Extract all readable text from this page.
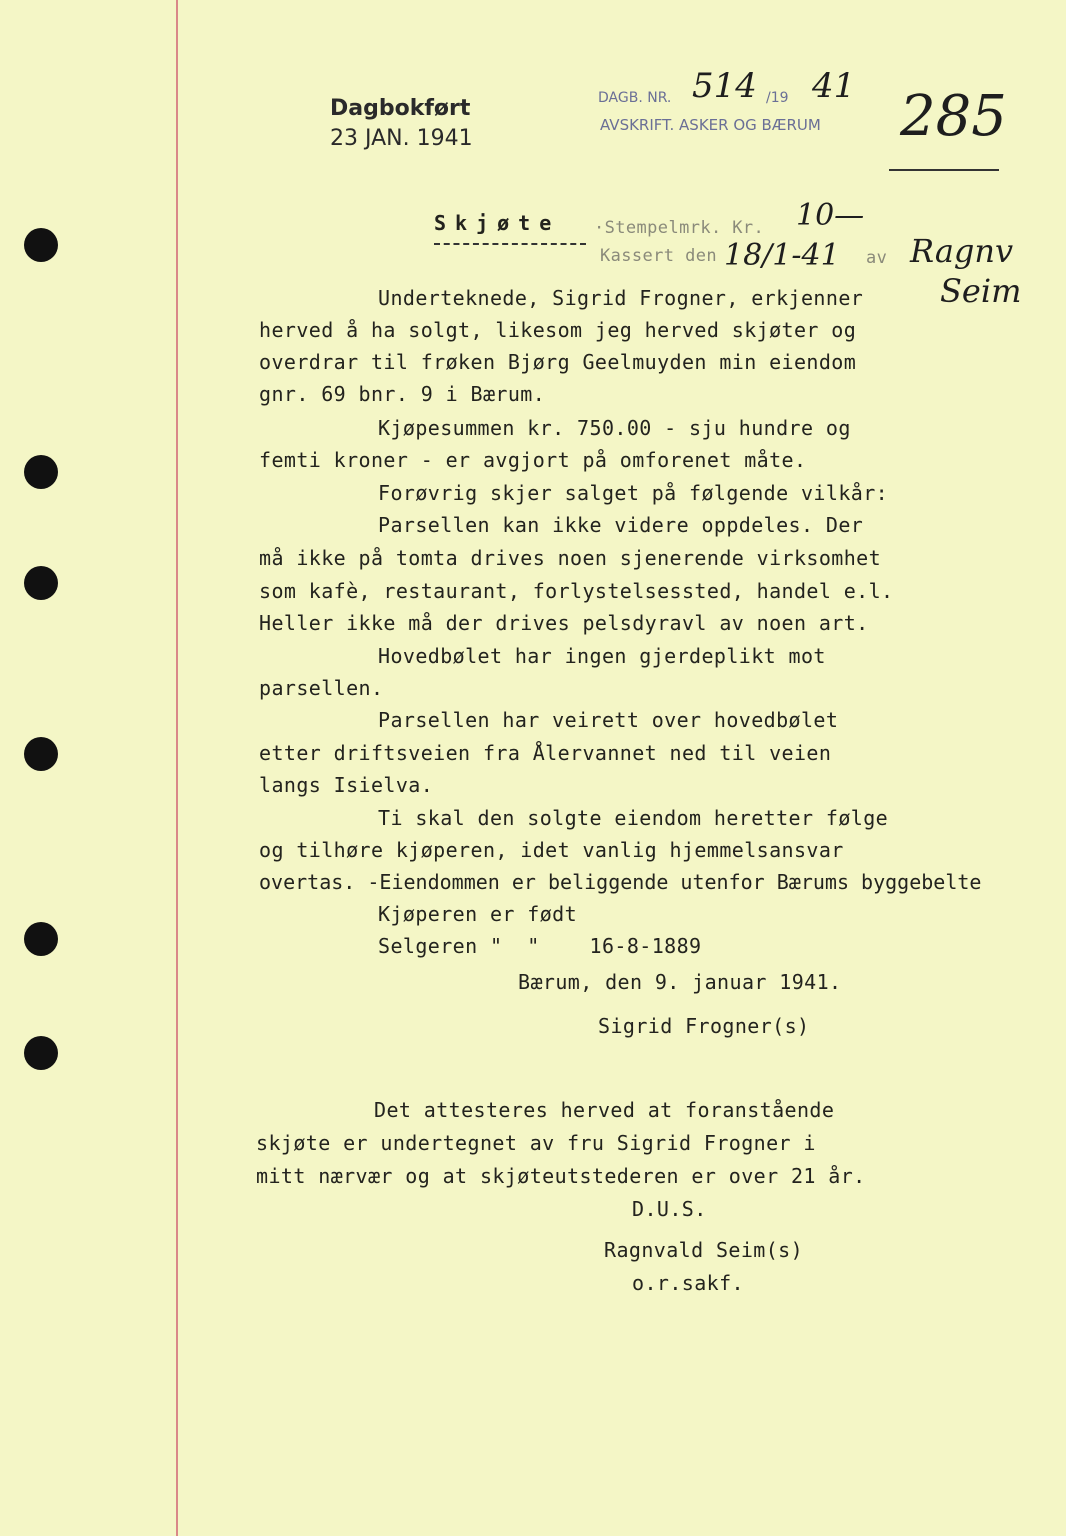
Dagbokført
23 JAN. 1941
DAGB. NR. 514 /19 41
AVSKRIFT. ASKER OG BÆRUM 285
Skjøte ·Stempelmrk. Kr. 10—
Kassert den 18/1-41 av Ragnv
Seim
Underteknede, Sigrid Frogner, erkjenner
herved å ha solgt, likesom jeg herved skjøter og
overdrar til frøken Bjørg Geelmuyden min eiendom
gnr. 69 bnr. 9 i Bærum.
Kjøpesummen kr. 750.00 - sju hundre og
femti kroner - er avgjort på omforenet måte.
Forøvrig skjer salget på følgende vilkår:
Parsellen kan ikke videre oppdeles. Der
må ikke på tomta drives noen sjenerende virksomhet
som kafè, restaurant, forlystelsessted, handel e.l.
Heller ikke må der drives pelsdyravl av noen art.
Hovedbølet har ingen gjerdeplikt mot
parsellen.
Parsellen har veirett over hovedbølet
etter driftsveien fra Ålervannet ned til veien
langs Isielva.
Ti skal den solgte eiendom heretter følge
og tilhøre kjøperen, idet vanlig hjemmelsansvar
overtas. -Eiendommen er beliggende utenfor Bærums byggebelte
Kjøperen er født
Selgeren "  "    16-8-1889
Bærum, den 9. januar 1941.
Sigrid Frogner(s)
Det attesteres herved at foranstående
skjøte er undertegnet av fru Sigrid Frogner i
mitt nærvær og at skjøteutstederen er over 21 år.
D.U.S.
Ragnvald Seim(s)
o.r.sakf.
